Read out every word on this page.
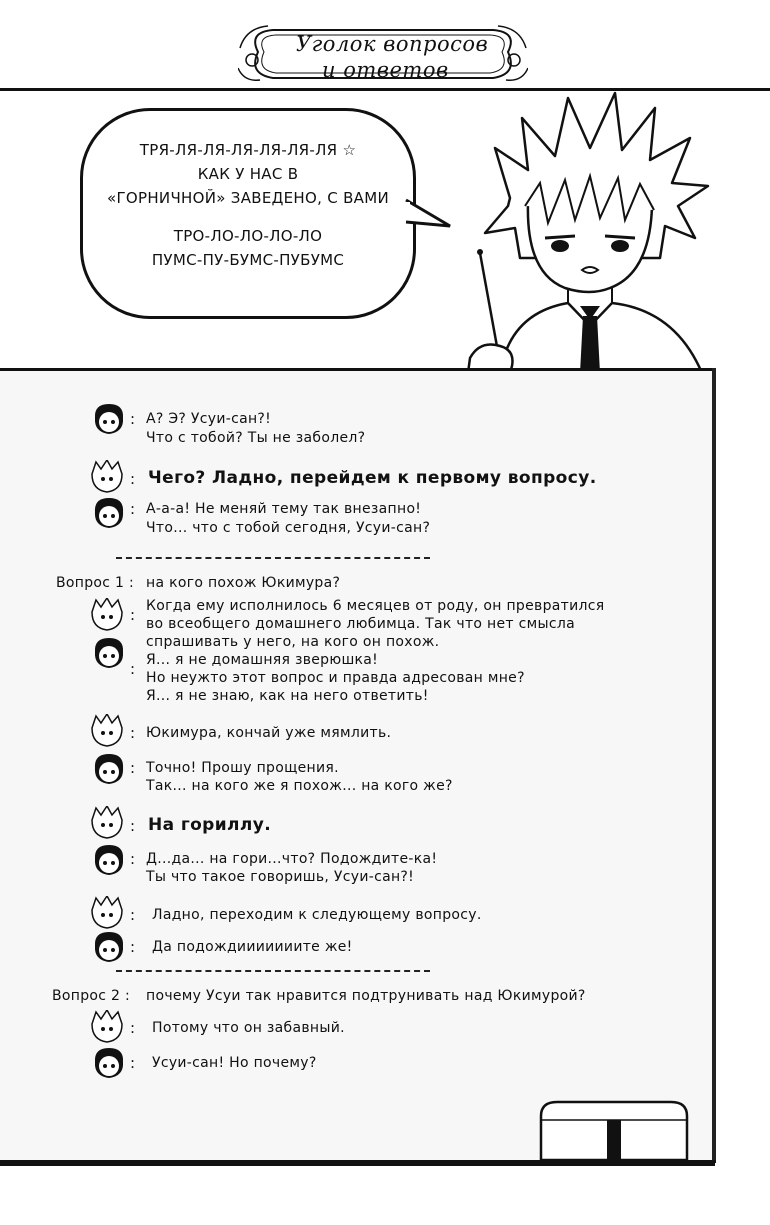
Уголок вопросов
и ответов
ТРЯ-ЛЯ-ЛЯ-ЛЯ-ЛЯ-ЛЯ-ЛЯ ☆
КАК У НАС В
«ГОРНИЧНОЙ» ЗАВЕДЕНО, С ВАМИ
ТРО-ЛО-ЛО-ЛО-ЛО
ПУМС-ПУ-БУМС-ПУБУМС
: А? Э? Усуи-сан?!
Что с тобой? Ты не заболел?
: Чего? Ладно, перейдем к первому вопросу.
: А-а-а! Не меняй тему так внезапно!
Что... что с тобой сегодня, Усуи-сан?
Вопрос 1 : на кого похож Юкимура?
: Когда ему исполнилось 6 месяцев от роду, он превратился
во всеобщего домашнего любимца. Так что нет смысла
спрашивать у него, на кого он похож.
: Я... я не домашняя зверюшка!
Но неужто этот вопрос и правда адресован мне?
Я... я не знаю, как на него ответить!
: Юкимура, кончай уже мямлить.
: Точно! Прошу прощения.
Так... на кого же я похож... на кого же?
: На гориллу.
: Д...да... на гори...что? Подождите-ка!
Ты что такое говоришь, Усуи-сан?!
: Ладно, переходим к следующему вопросу.
: Да подождииииииите же!
Вопрос 2 : почему Усуи так нравится подтрунивать над Юкимурой?
: Потому что он забавный.
: Усуи-сан! Но почему?
